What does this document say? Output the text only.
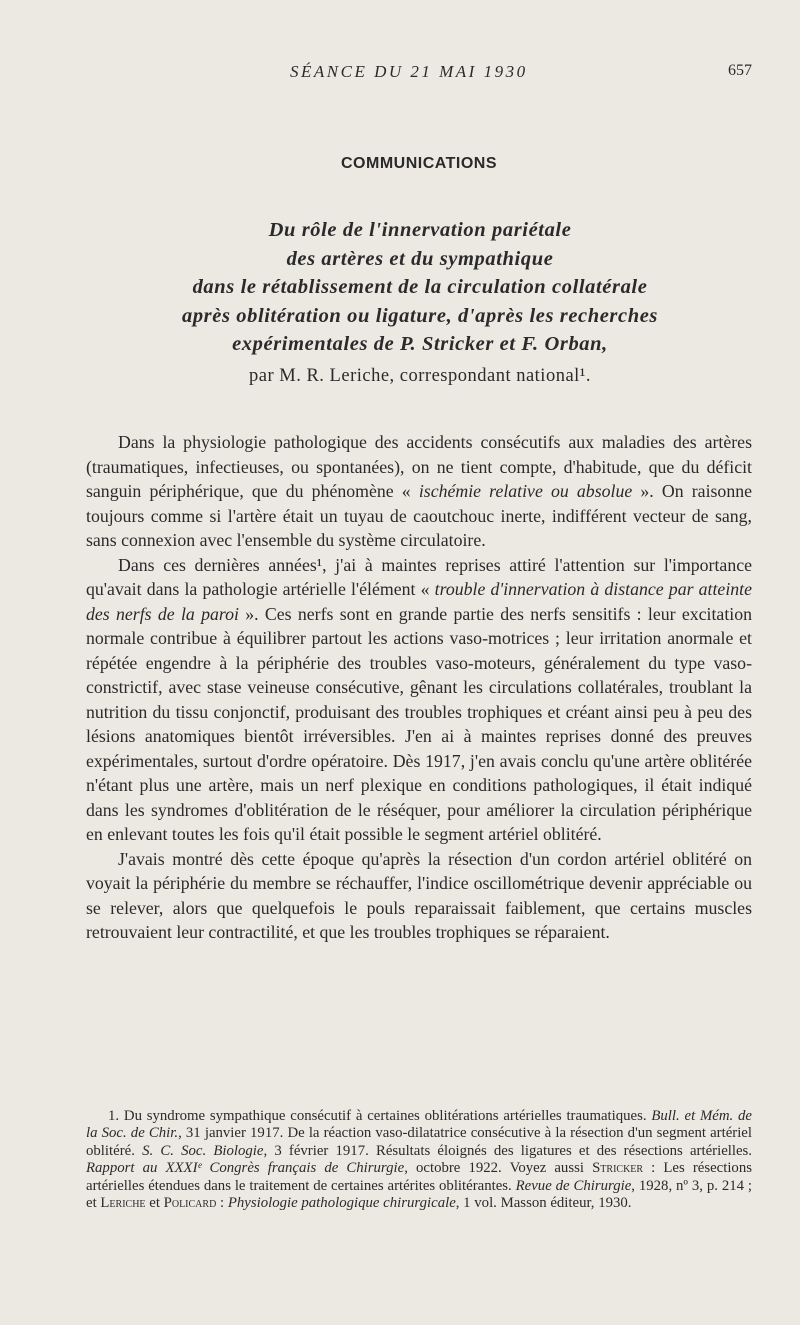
SÉANCE DU 21 MAI 1930	657
COMMUNICATIONS
Du rôle de l'innervation pariétale
des artères et du sympathique
dans le rétablissement de la circulation collatérale
après oblitération ou ligature, d'après les recherches
expérimentales de P. Stricker et F. Orban,
par M. R. Leriche, correspondant national¹.

Dans la physiologie pathologique des accidents consécutifs aux maladies des artères (traumatiques, infectieuses, ou spontanées), on ne tient compte, d'habitude, que du déficit sanguin périphérique, que du phénomène « ischémie relative ou absolue ». On raisonne toujours comme si l'artère était un tuyau de caoutchouc inerte, indifférent vecteur de sang, sans connexion avec l'ensemble du système circulatoire.

Dans ces dernières années¹, j'ai à maintes reprises attiré l'attention sur l'importance qu'avait dans la pathologie artérielle l'élément « trouble d'innervation à distance par atteinte des nerfs de la paroi ». Ces nerfs sont en grande partie des nerfs sensitifs : leur excitation normale contribue à équilibrer partout les actions vaso-motrices ; leur irritation anormale et répétée engendre à la périphérie des troubles vaso-moteurs, généralement du type vaso-constrictif, avec stase veineuse consécutive, gênant les circulations collatérales, troublant la nutrition du tissu conjonctif, produisant des troubles trophiques et créant ainsi peu à peu des lésions anatomiques bientôt irréversibles. J'en ai à maintes reprises donné des preuves expérimentales, surtout d'ordre opératoire. Dès 1917, j'en avais conclu qu'une artère oblitérée n'étant plus une artère, mais un nerf plexique en conditions pathologiques, il était indiqué dans les syndromes d'oblitération de le réséquer, pour améliorer la circulation périphérique en enlevant toutes les fois qu'il était possible le segment artériel oblitéré.

J'avais montré dès cette époque qu'après la résection d'un cordon artériel oblitéré on voyait la périphérie du membre se réchauffer, l'indice oscillométrique devenir appréciable ou se relever, alors que quelquefois le pouls reparaissait faiblement, que certains muscles retrouvaient leur contractilité, et que les troubles trophiques se réparaient.

1. Du syndrome sympathique consécutif à certaines oblitérations artérielles traumatiques. Bull. et Mém. de la Soc. de Chir., 31 janvier 1917. De la réaction vaso-dilatatrice consécutive à la résection d'un segment artériel oblitéré. S. C. Soc. Biologie, 3 février 1917. Résultats éloignés des ligatures et des résections artérielles. Rapport au XXXIᵉ Congrès français de Chirurgie, octobre 1922. Voyez aussi Stricker : Les résections artérielles étendues dans le traitement de certaines artérites oblitérantes. Revue de Chirurgie, 1928, nº 3, p. 214 ; et Leriche et Policard : Physiologie pathologique chirurgicale, 1 vol. Masson éditeur, 1930.
